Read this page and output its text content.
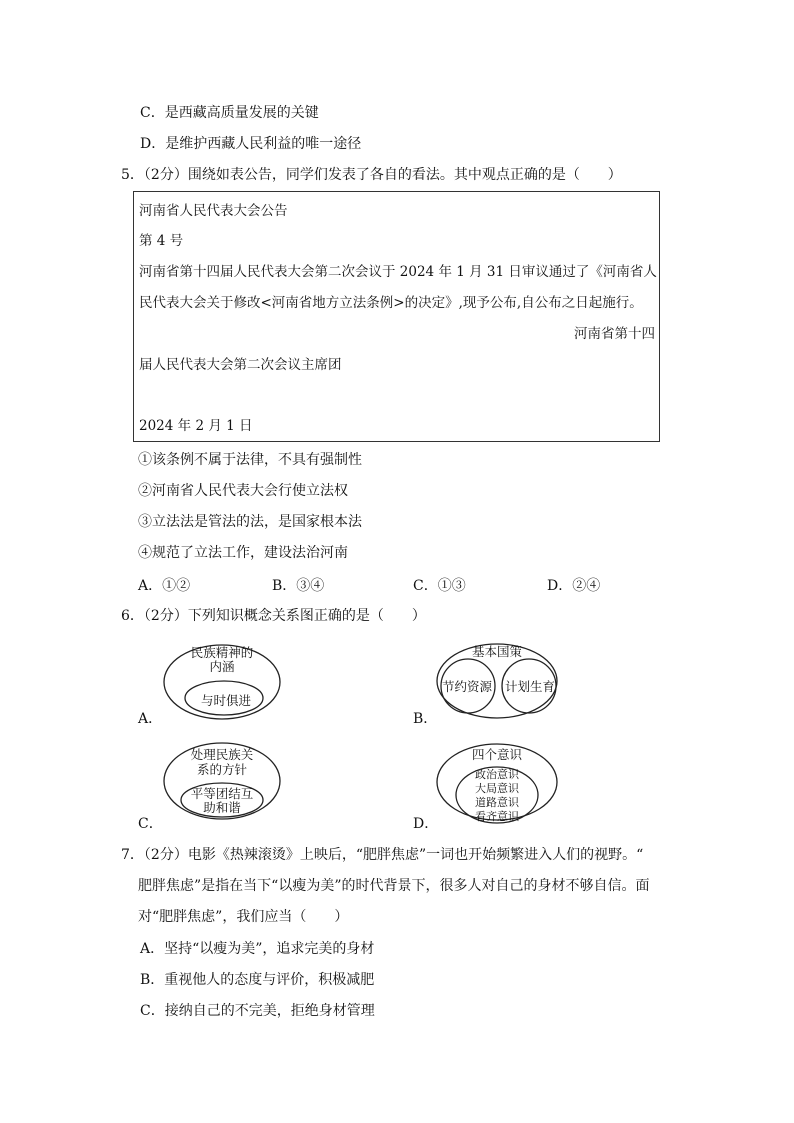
C．是西藏高质量发展的关键
D．是维护西藏人民利益的唯一途径
5．（2分）围绕如表公告，同学们发表了各自的看法。其中观点正确的是（　　）
河南省人民代表大会公告
第 4 号
河南省第十四届人民代表大会第二次会议于 2024 年 1 月 31 日审议通过了《河南省人
民代表大会关于修改<河南省地方立法条例>的决定》,现予公布,自公布之日起施行。
河南省第十四
届人民代表大会第二次会议主席团
2024 年 2 月 1 日
①该条例不属于法律，不具有强制性
②河南省人民代表大会行使立法权
③立法法是管法的法，是国家根本法
④规范了立法工作，建设法治河南
A．①②	B．③④	C．①③	D．②④
6．（2分）下列知识概念关系图正确的是（　　）
民族精神的
内涵
与时俱进
基本国策
节约资源 计划生育
处理民族关
系的方针
平等团结互
助和谐
四个意识
政治意识
大局意识
道路意识
看齐意识
A．	B．
C．	D．
7．（2分）电影《热辣滚烫》上映后，“肥胖焦虑”一词也开始频繁进入人们的视野。“
肥胖焦虑”是指在当下“以瘦为美”的时代背景下，很多人对自己的身材不够自信。面
对“肥胖焦虑”，我们应当（　　）
A．坚持“以瘦为美”，追求完美的身材
B．重视他人的态度与评价，积极减肥
C．接纳自己的不完美，拒绝身材管理
